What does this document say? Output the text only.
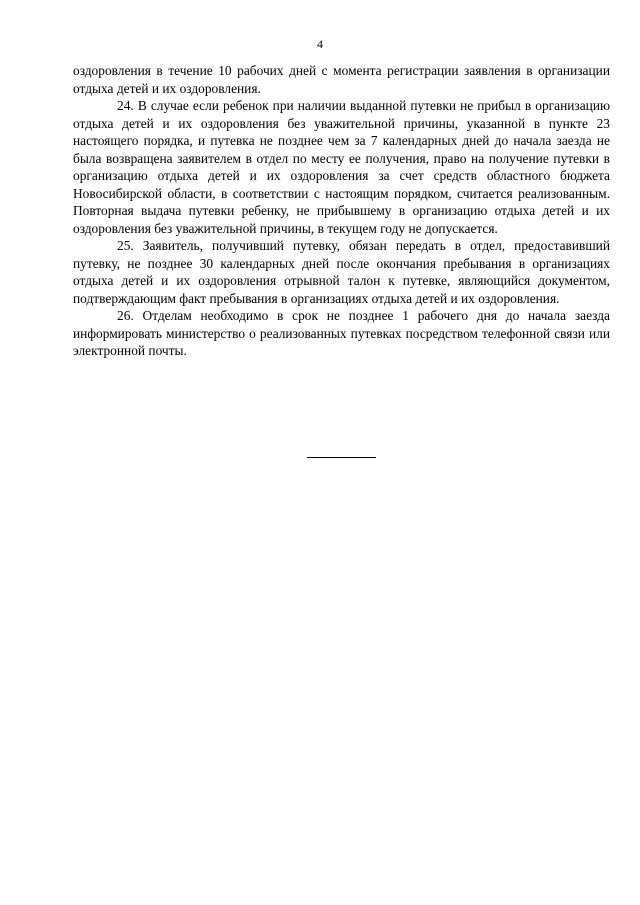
4

оздоровления в течение 10 рабочих дней с момента регистрации заявления в организации отдыха детей и их оздоровления.

24. В случае если ребенок при наличии выданной путевки не прибыл в организацию отдыха детей и их оздоровления без уважительной причины, указанной в пункте 23 настоящего порядка, и путевка не позднее чем за 7 календарных дней до начала заезда не была возвращена заявителем в отдел по месту ее получения, право на получение путевки в организацию отдыха детей и их оздоровления за счет средств областного бюджета Новосибирской области, в соответствии с настоящим порядком, считается реализованным. Повторная выдача путевки ребенку, не прибывшему в организацию отдыха детей и их оздоровления без уважительной причины, в текущем году не допускается.

25. Заявитель, получивший путевку, обязан передать в отдел, предоставивший путевку, не позднее 30 календарных дней после окончания пребывания в организациях отдыха детей и их оздоровления отрывной талон к путевке, являющийся документом, подтверждающим факт пребывания в организациях отдыха детей и их оздоровления.

26. Отделам необходимо в срок не позднее 1 рабочего дня до начала заезда информировать министерство о реализованных путевках посредством телефонной связи или электронной почты.
